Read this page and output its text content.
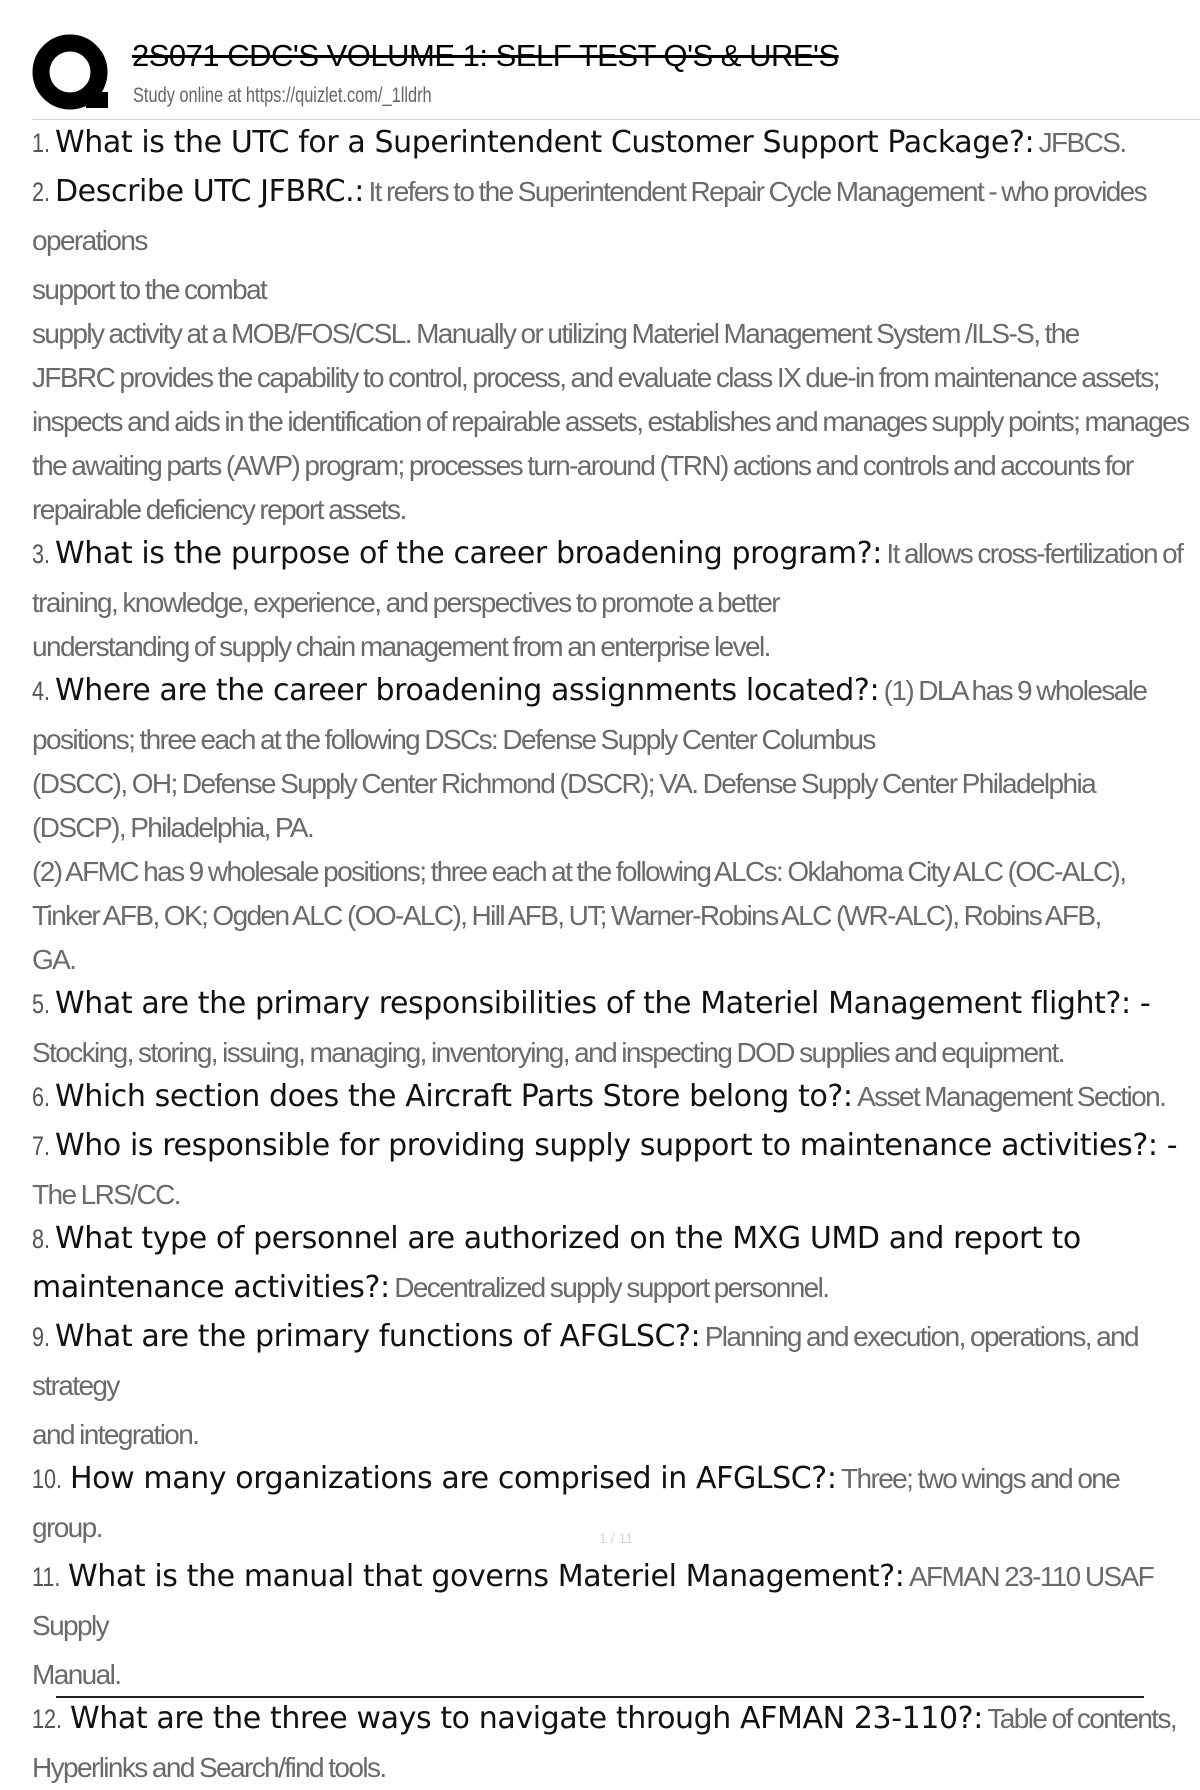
2S071 CDC'S VOLUME 1: SELF TEST Q'S & URE'S
Study online at https://quizlet.com/_1lldrh
1. What is the UTC for a Superintendent Customer Support Package?: JFBCS.
2. Describe UTC JFBRC.: It refers to the Superintendent Repair Cycle Management - who provides operations
support to the combat
supply activity at a MOB/FOS/CSL. Manually or utilizing Materiel Management System /ILS-S, the
JFBRC provides the capability to control, process, and evaluate class IX due-in from maintenance assets;
inspects and aids in the identification of repairable assets, establishes and manages supply points; manages
the awaiting parts (AWP) program; processes turn-around (TRN) actions and controls and accounts for
repairable deficiency report assets.
3. What is the purpose of the career broadening program?: It allows cross-fertilization of
training, knowledge, experience, and perspectives to promote a better
understanding of supply chain management from an enterprise level.
4. Where are the career broadening assignments located?: (1) DLA has 9 wholesale
positions; three each at the following DSCs: Defense Supply Center Columbus
(DSCC), OH; Defense Supply Center Richmond (DSCR); VA. Defense Supply Center Philadelphia
(DSCP), Philadelphia, PA.
(2) AFMC has 9 wholesale positions; three each at the following ALCs: Oklahoma City ALC (OC-ALC),
Tinker AFB, OK; Ogden ALC (OO-ALC), Hill AFB, UT; Warner-Robins ALC (WR-ALC), Robins AFB,
GA.
5. What are the primary responsibilities of the Materiel Management flight?: -
Stocking, storing, issuing, managing, inventorying, and inspecting DOD supplies and equipment.
6. Which section does the Aircraft Parts Store belong to?: Asset Management Section.
7. Who is responsible for providing supply support to maintenance activities?: -
The LRS/CC.
8. What type of personnel are authorized on the MXG UMD and report to maintenance activities?: Decentralized supply support personnel.
9. What are the primary functions of AFGLSC?: Planning and execution, operations, and strategy
and integration.
10. How many organizations are comprised in AFGLSC?: Three; two wings and one group.
11. What is the manual that governs Materiel Management?: AFMAN 23-110 USAF Supply
Manual.
12. What are the three ways to navigate through AFMAN 23-110?: Table of contents,
Hyperlinks and Search/find tools.
1 / 11
